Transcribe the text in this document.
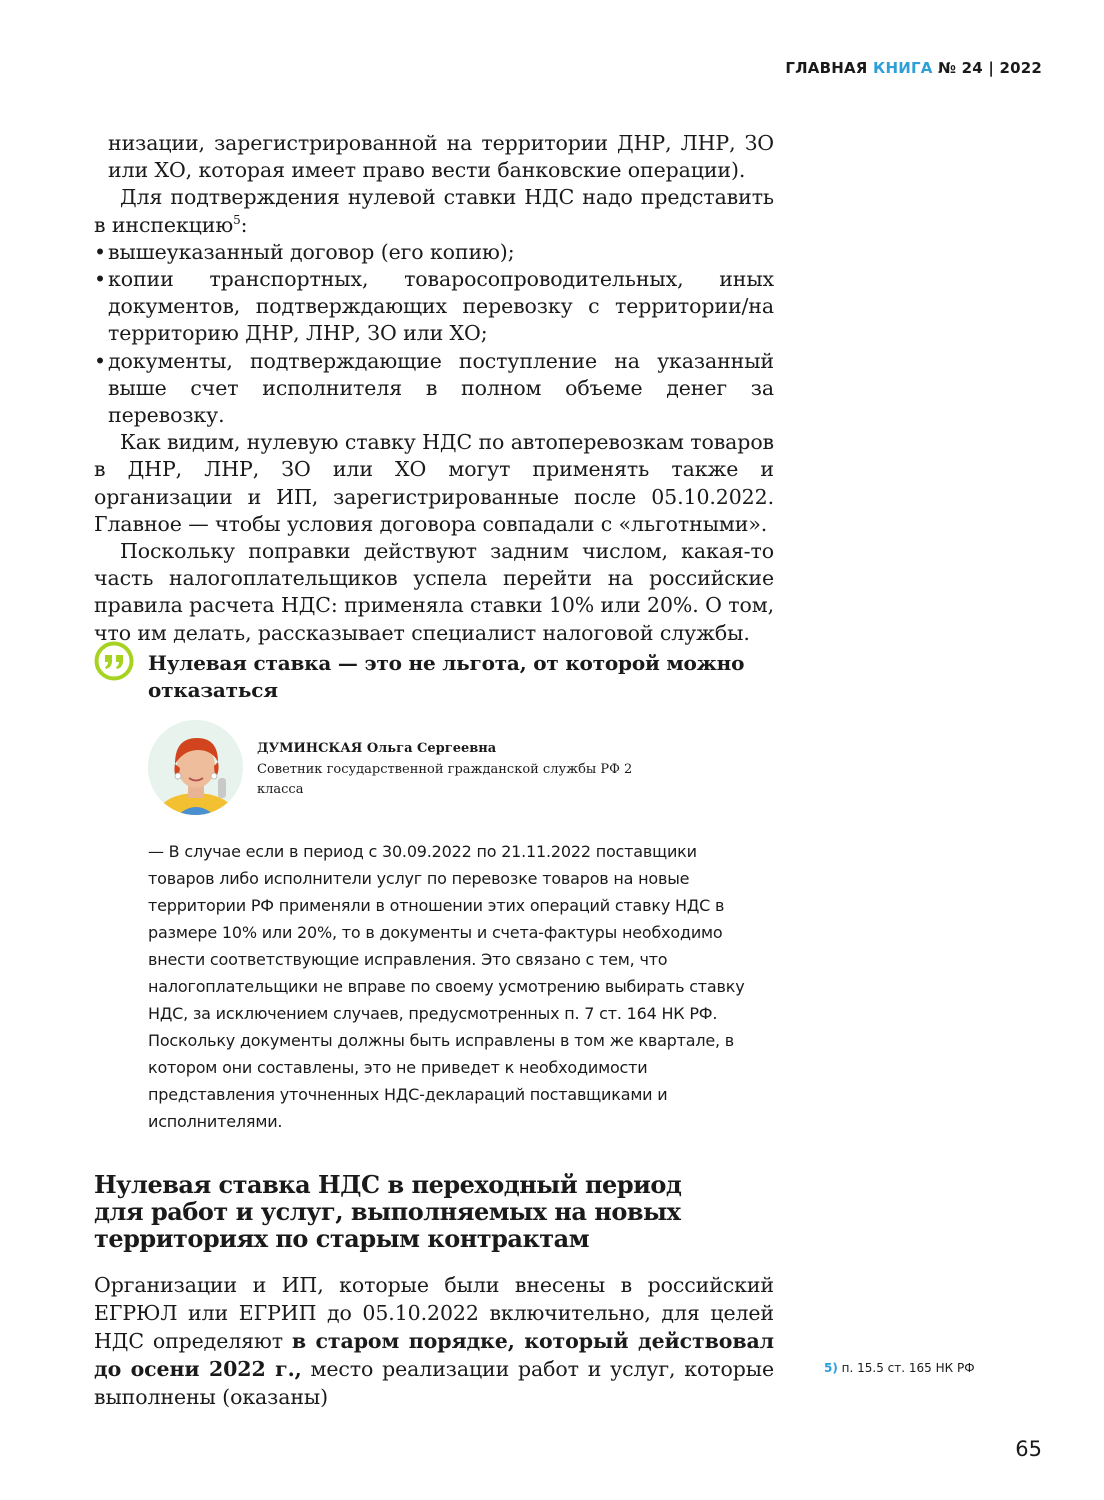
ГЛАВНАЯ КНИГА № 24 | 2022

низации, зарегистрированной на территории ДНР, ЛНР, ЗО или ХО, которая имеет право вести банковские операции).

Для подтверждения нулевой ставки НДС надо представить в инспекцию$^5$:

• вышеуказанный договор (его копию);
• копии транспортных, товаросопроводительных, иных документов, подтверждающих перевозку с территории/на территорию ДНР, ЛНР, ЗО или ХО;
• документы, подтверждающие поступление на указанный выше счет исполнителя в полном объеме денег за перевозку.

Как видим, нулевую ставку НДС по автоперевозкам товаров в ДНР, ЛНР, ЗО или ХО могут применять также и организации и ИП, зарегистрированные после 05.10.2022. Главное — чтобы условия договора совпадали с «льготными».

Поскольку поправки действуют задним числом, какая-то часть налогоплательщиков успела перейти на российские правила расчета НДС: применяла ставки 10% или 20%. О том, что им делать, рассказывает специалист налоговой службы.

Нулевая ставка — это не льгота, от которой можно отказаться
ДУМИНСКАЯ Ольга Сергеевна
Советник государственной гражданской службы РФ 2 класса
— В случае если в период с 30.09.2022 по 21.11.2022 поставщики товаров либо исполнители услуг по перевозке товаров на новые территории РФ применяли в отношении этих операций ставку НДС в размере 10% или 20%, то в документы и счета-фактуры необходимо внести соответствующие исправления. Это связано с тем, что налогоплательщики не вправе по своему усмотрению выбирать ставку НДС, за исключением случаев, предусмотренных п. 7 ст. 164 НК РФ. Поскольку документы должны быть исправлены в том же квартале, в котором они составлены, это не приведет к необходимости представления уточненных НДС-деклараций поставщиками и исполнителями.
Нулевая ставка НДС в переходный период для работ и услуг, выполняемых на новых территориях по старым контрактам

Организации и ИП, которые были внесены в российский ЕГРЮЛ или ЕГРИП до 05.10.2022 включительно, для целей НДС определяют в старом порядке, который действовал до осени 2022 г., место реализации работ и услуг, которые выполнены (оказаны)

5) п. 15.5 ст. 165 НК РФ
65
